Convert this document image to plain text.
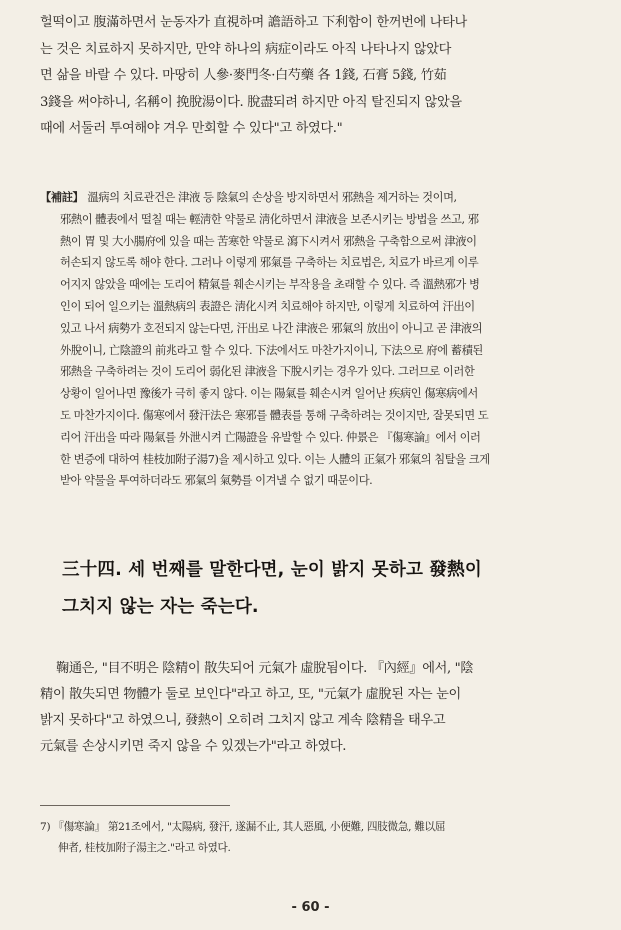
헐떡이고 腹滿하면서 눈동자가 直視하며 譫語하고 下利함이 한꺼번에 나타나
는 것은 치료하지 못하지만, 만약 하나의 病症이라도 아직 나타나지 않았다
면 삶을 바랄 수 있다. 마땅히 人參·麥門冬·白芍藥 各 1錢, 石膏 5錢, 竹茹
3錢을 써야하니, 名稱이 挽脫湯이다. 脫盡되려 하지만 아직 탈진되지 않았을
때에 서둘러 투여해야 겨우 만회할 수 있다"고 하였다."
【補註】 溫病의 치료관건은 津液 등 陰氣의 손상을 방지하면서 邪熱을 제거하는 것이며,
邪熱이 體表에서 떨칠 때는 輕淸한 약물로 淸化하면서 津液을 보존시키는 방법을 쓰고, 邪
熱이 胃 및 大小腸府에 있을 때는 苦寒한 약물로 瀉下시켜서 邪熱을 구축함으로써 津液이
허손되지 않도록 해야 한다. 그러나 이렇게 邪氣를 구축하는 치료법은, 치료가 바르게 이루
어지지 않았을 때에는 도리어 精氣를 훼손시키는 부작용을 초래할 수 있다. 즉 溫熱邪가 병
인이 되어 일으키는 溫熱病의 表證은 淸化시켜 치료해야 하지만, 이렇게 치료하여 汗出이
있고 나서 病勢가 호전되지 않는다면, 汗出로 나간 津液은 邪氣의 放出이 아니고 곧 津液의
外脫이니, 亡陰證의 前兆라고 할 수 있다. 下法에서도 마찬가지이니, 下法으로 府에 蓄積된
邪熱을 구축하려는 것이 도리어 弱化된 津液을 下脫시키는 경우가 있다. 그러므로 이러한
상황이 일어나면 豫後가 극히 좋지 않다. 이는 陽氣를 훼손시켜 일어난 疾病인 傷寒病에서
도 마찬가지이다. 傷寒에서 發汗法은 寒邪를 體表를 통해 구축하려는 것이지만, 잘못되면 도
리어 汗出을 따라 陽氣를 外泄시켜 亡陽證을 유발할 수 있다. 仲景은 『傷寒論』에서 이러
한 변증에 대하여 桂枝加附子湯7)을 제시하고 있다. 이는 人體의 正氣가 邪氣의 침탈을 크게
받아 약물을 투여하더라도 邪氣의 氣勢를 이겨낼 수 없기 때문이다.
三十四. 세 번째를 말한다면, 눈이 밝지 못하고 發熱이
그치지 않는 자는 죽는다.
鞠通은, "目不明은 陰精이 散失되어 元氣가 虛脫됨이다. 『內經』에서, "陰
精이 散失되면 物體가 둘로 보인다"라고 하고, 또, "元氣가 虛脫된 자는 눈이
밝지 못하다"고 하였으니, 發熱이 오히려 그치지 않고 계속 陰精을 태우고
元氣를 손상시키면 죽지 않을 수 있겠는가"라고 하였다.
7) 『傷寒論』 第21조에서, "太陽病, 發汗, 遂漏不止, 其人惡風, 小便難, 四肢微急, 難以屈
伸者, 桂枝加附子湯主之."라고 하였다.
- 60 -
